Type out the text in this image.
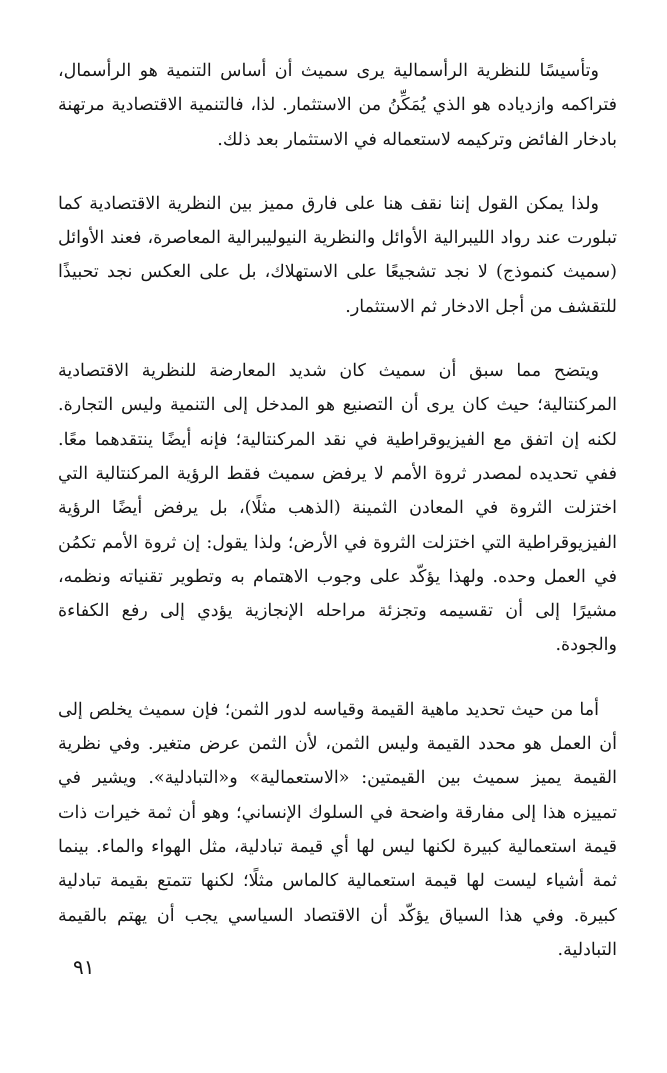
وتأسيسًا للنظرية الرأسمالية يرى سميث أن أساس التنمية هو الرأسمال، فتراكمه وازدياده هو الذي يُمَكِّنُ من الاستثمار. لذا، فالتنمية الاقتصادية مرتهنة بادخار الفائض وتركيمه لاستعماله في الاستثمار بعد ذلك.

ولذا يمكن القول إننا نقف هنا على فارق مميز بين النظرية الاقتصادية كما تبلورت عند رواد الليبرالية الأوائل والنظرية النيوليبرالية المعاصرة، فعند الأوائل (سميث كنموذج) لا نجد تشجيعًا على الاستهلاك، بل على العكس نجد تحبيذًا للتقشف من أجل الادخار ثم الاستثمار.

ويتضح مما سبق أن سميث كان شديد المعارضة للنظرية الاقتصادية المركنتالية؛ حيث كان يرى أن التصنيع هو المدخل إلى التنمية وليس التجارة. لكنه إن اتفق مع الفيزيوقراطية في نقد المركنتالية؛ فإنه أيضًا ينتقدهما معًا. ففي تحديده لمصدر ثروة الأمم لا يرفض سميث فقط الرؤية المركنتالية التي اختزلت الثروة في المعادن الثمينة (الذهب مثلًا)، بل يرفض أيضًا الرؤية الفيزيوقراطية التي اختزلت الثروة في الأرض؛ ولذا يقول: إن ثروة الأمم تكمُن في العمل وحده. ولهذا يؤكّد على وجوب الاهتمام به وتطوير تقنياته ونظمه، مشيرًا إلى أن تقسيمه وتجزئة مراحله الإنجازية يؤدي إلى رفع الكفاءة والجودة.

أما من حيث تحديد ماهية القيمة وقياسه لدور الثمن؛ فإن سميث يخلص إلى أن العمل هو محدد القيمة وليس الثمن، لأن الثمن عرض متغير. وفي نظرية القيمة يميز سميث بين القيمتين: «الاستعمالية» و«التبادلية». ويشير في تمييزه هذا إلى مفارقة واضحة في السلوك الإنساني؛ وهو أن ثمة خيرات ذات قيمة استعمالية كبيرة لكنها ليس لها أي قيمة تبادلية، مثل الهواء والماء. بينما ثمة أشياء ليست لها قيمة استعمالية كالماس مثلًا؛ لكنها تتمتع بقيمة تبادلية كبيرة. وفي هذا السياق يؤكّد أن الاقتصاد السياسي يجب أن يهتم بالقيمة التبادلية.

٩١
